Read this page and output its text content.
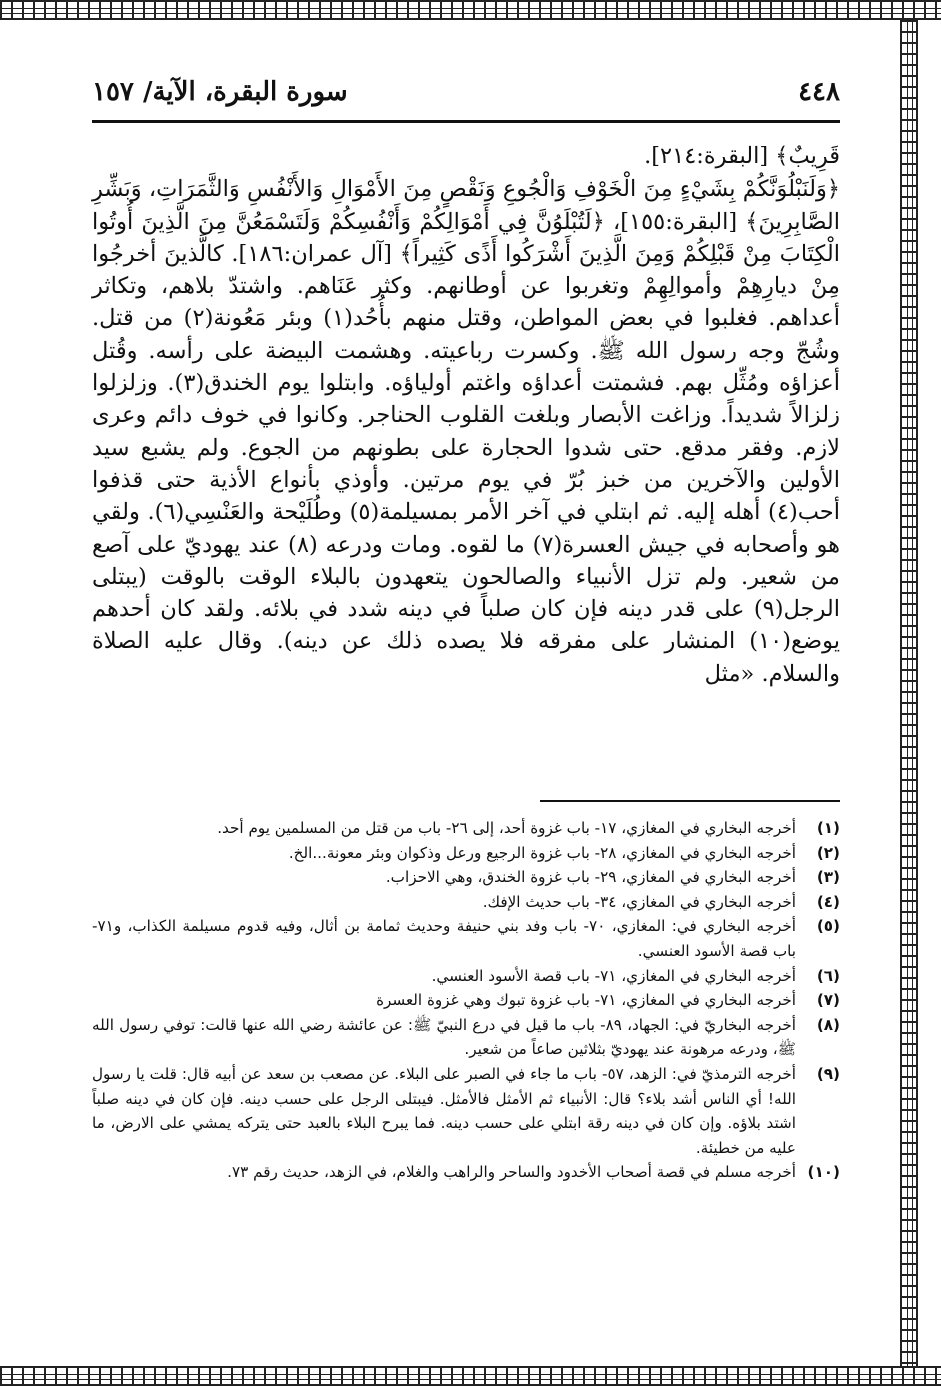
٤٤٨
سورة البقرة، الآية/ ١٥٧

قَرِيبٌ﴾ [البقرة:٢١٤].

﴿وَلَنَبْلُوَنَّكُمْ بِشَيْءٍ مِنَ الْخَوْفِ وَالْجُوعِ وَنَقْصٍ مِنَ الأَمْوَالِ وَالأَنْفُسِ وَالثَّمَرَاتِ، وَبَشِّرِ الصَّابِرِينَ﴾ [البقرة:١٥٥]، ﴿لَتُبْلَوُنَّ فِي أَمْوَالِكُمْ وَأَنْفُسِكُمْ وَلَتَسْمَعُنَّ مِنَ الَّذِينَ أُوتُوا الْكِتَابَ مِنْ قَبْلِكُمْ وَمِنَ الَّذِينَ أَشْرَكُوا أَذًى كَثِيراً﴾ [آل عمران:١٨٦]. كالَّذينَ أخرجُوا مِنْ ديارِهِمْ وأموالِهِمْ وتغربوا عن أوطانهم. وكثر عَنَاهم. واشتدّ بلاهم، وتكاثر أعداهم. فغلبوا في بعض المواطن، وقتل منهم بأُحُد(١) وبئر مَعُونة(٢) من قتل. وشُجّ وجه رسول الله ﷺ. وكسرت رباعيته. وهشمت البيضة على رأسه. وقُتل أعزاؤه ومُثِّل بهم. فشمتت أعداؤه واغتم أولياؤه. وابتلوا يوم الخندق(٣). وزلزلوا زلزالاً شديداً. وزاغت الأبصار وبلغت القلوب الحناجر. وكانوا في خوف دائم وعرى لازم. وفقر مدقع. حتى شدوا الحجارة على بطونهم من الجوع. ولم يشبع سيد الأولين والآخرين من خبز بُرّ في يوم مرتين. وأوذي بأنواع الأذية حتى قذفوا أحب(٤) أهله إليه. ثم ابتلي في آخر الأمر بمسيلمة(٥) وطُلَيْحة والعَنْسِي(٦). ولقي هو وأصحابه في جيش العسرة(٧) ما لقوه. ومات ودرعه (٨) عند يهوديّ على آصع من شعير. ولم تزل الأنبياء والصالحون يتعهدون بالبلاء الوقت بالوقت (يبتلى الرجل(٩) على قدر دينه فإن كان صلباً في دينه شدد في بلائه. ولقد كان أحدهم يوضع(١٠) المنشار على مفرقه فلا يصده ذلك عن دينه). وقال عليه الصلاة والسلام. «مثل

(١)
أخرجه البخاري في المغازي، ١٧- باب غزوة أحد، إلى ٢٦- باب من قتل من المسلمين يوم أحد.
(٢)
أخرجه البخاري في المغازي، ٢٨- باب غزوة الرجيع ورعل وذكوان وبئر معونة...الخ.
(٣)
أخرجه البخاري في المغازي، ٢٩- باب غزوة الخندق، وهي الاحزاب.
(٤)
أخرجه البخاري في المغازي، ٣٤- باب حديث الإفك.
(٥)
أخرجه البخاري في: المغازي، ٧٠- باب وفد بني حنيفة وحديث ثمامة بن أثال، وفيه قدوم مسيلمة الكذاب، و٧١- باب قصة الأسود العنسي.
(٦)
أخرجه البخاري في المغازي، ٧١- باب قصة الأسود العنسي.
(٧)
أخرجه البخاري في المغازي، ٧١- باب غزوة تبوك وهي غزوة العسرة
(٨)
أخرجه البخاريّ في: الجهاد، ٨٩- باب ما قيل في درع النبيّ ﷺ: عن عائشة رضي الله عنها قالت: توفي رسول الله ﷺ، ودرعه مرهونة عند يهوديّ بثلاثين صاعاً من شعير.
(٩)
أخرجه الترمذيّ في: الزهد، ٥٧- باب ما جاء في الصبر على البلاء. عن مصعب بن سعد عن أبيه قال: قلت يا رسول الله! أي الناس أشد بلاء؟ قال: الأنبياء ثم الأمثل فالأمثل. فيبتلى الرجل على حسب دينه. فإن كان في دينه صلباً اشتد بلاؤه. وإن كان في دينه رقة ابتلي على حسب دينه. فما يبرح البلاء بالعبد حتى يتركه يمشي على الارض، ما عليه من خطيئة.
(١٠)
أخرجه مسلم في قصة أصحاب الأخدود والساحر والراهب والغلام، في الزهد، حديث رقم ٧٣.
